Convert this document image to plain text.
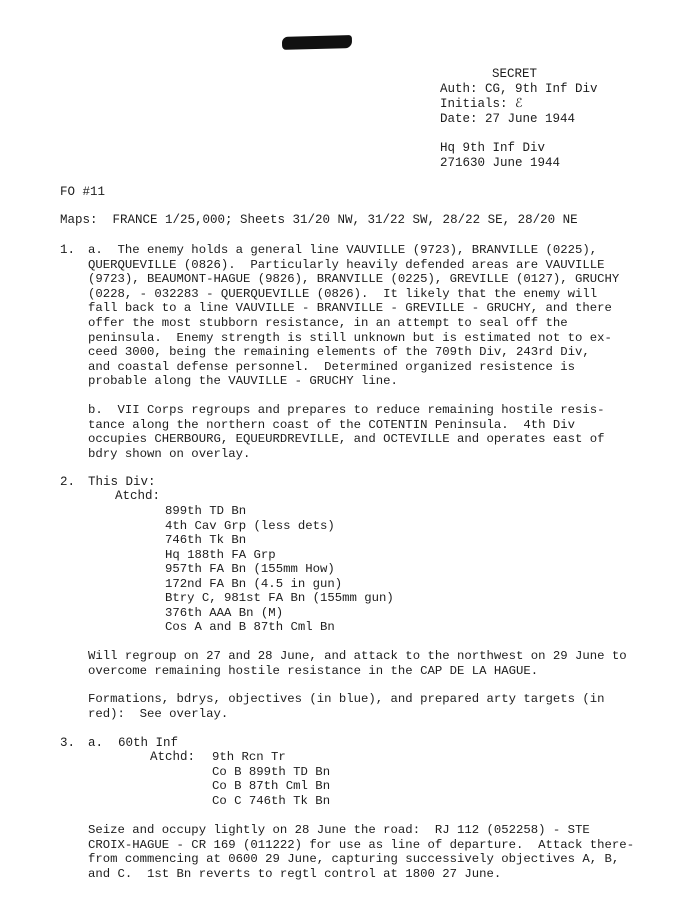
SECRET
Auth: CG, 9th Inf Div
Initials: ℰ
Date: 27 June 1944
Hq 9th Inf Div
271630 June 1944
FO #11
Maps:  FRANCE 1/25,000; Sheets 31/20 NW, 31/22 SW, 28/22 SE, 28/20 NE
1. a.  The enemy holds a general line VAUVILLE (9723), BRANVILLE (0225),
QUERQUEVILLE (0826).  Particularly heavily defended areas are VAUVILLE
(9723), BEAUMONT-HAGUE (9826), BRANVILLE (0225), GREVILLE (0127), GRUCHY
(0228, - 032283 - QUERQUEVILLE (0826).  It likely that the enemy will
fall back to a line VAUVILLE - BRANVILLE - GREVILLE - GRUCHY, and there
offer the most stubborn resistance, in an attempt to seal off the
peninsula.  Enemy strength is still unknown but is estimated not to ex-
ceed 3000, being the remaining elements of the 709th Div, 243rd Div,
and coastal defense personnel.  Determined organized resistence is
probable along the VAUVILLE - GRUCHY line.
b.  VII Corps regroups and prepares to reduce remaining hostile resis-
tance along the northern coast of the COTENTIN Peninsula.  4th Div
occupies CHERBOURG, EQUEURDREVILLE, and OCTEVILLE and operates east of
bdry shown on overlay.
2. This Div:
Atchd:
899th TD Bn
4th Cav Grp (less dets)
746th Tk Bn
Hq 188th FA Grp
957th FA Bn (155mm How)
172nd FA Bn (4.5 in gun)
Btry C, 981st FA Bn (155mm gun)
376th AAA Bn (M)
Cos A and B 87th Cml Bn
Will regroup on 27 and 28 June, and attack to the northwest on 29 June to
overcome remaining hostile resistance in the CAP DE LA HAGUE.
Formations, bdrys, objectives (in blue), and prepared arty targets (in
red):  See overlay.
3. a.  60th Inf
Atchd: 9th Rcn Tr
Co B 899th TD Bn
Co B 87th Cml Bn
Co C 746th Tk Bn
Seize and occupy lightly on 28 June the road:  RJ 112 (052258) - STE
CROIX-HAGUE - CR 169 (011222) for use as line of departure.  Attack there-
from commencing at 0600 29 June, capturing successively objectives A, B,
and C.  1st Bn reverts to regtl control at 1800 27 June.
